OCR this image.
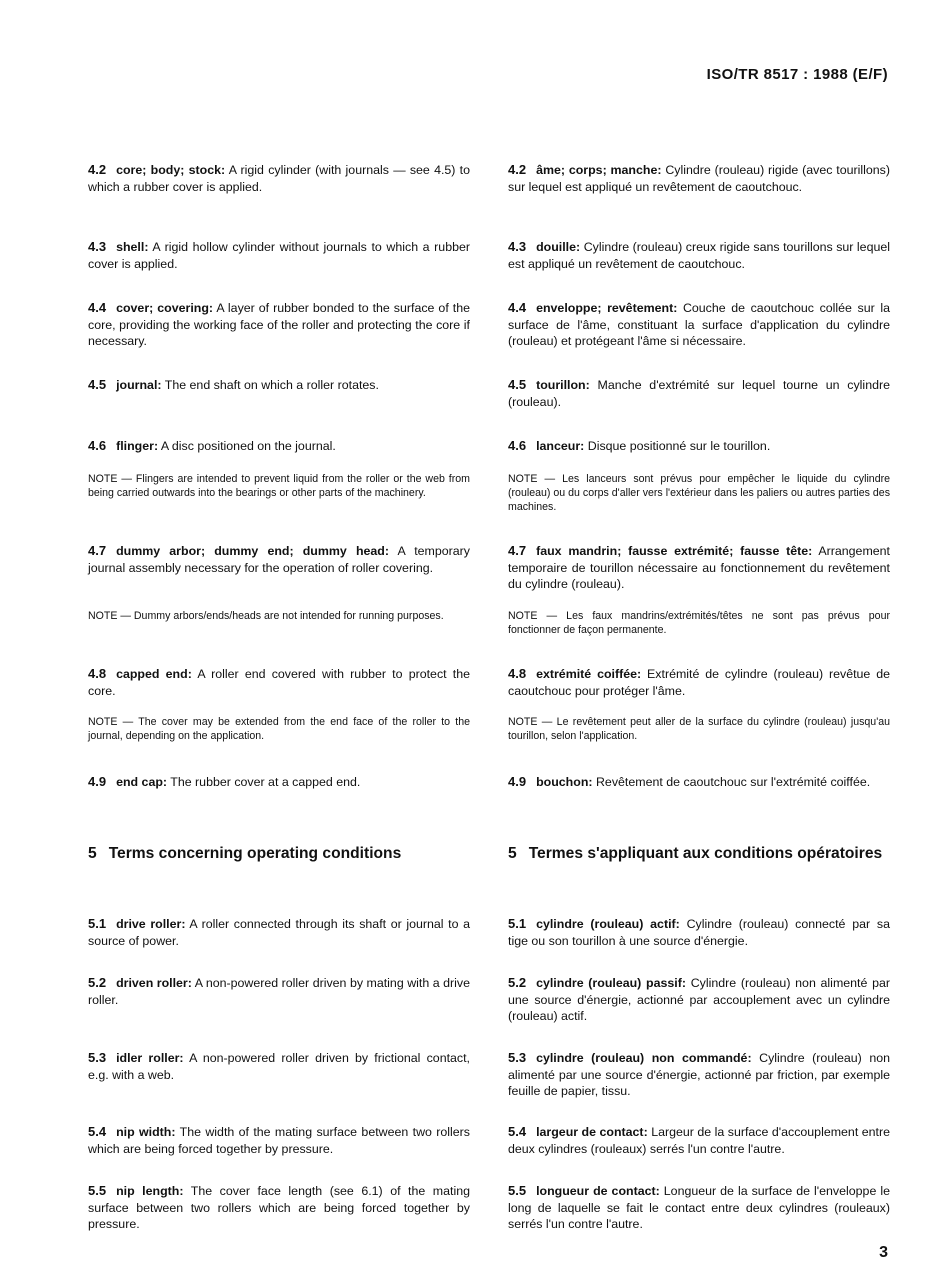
ISO/TR 8517 : 1988 (E/F)

4.2 core; body; stock: A rigid cylinder (with journals — see 4.5) to which a rubber cover is applied.

4.3 shell: A rigid hollow cylinder without journals to which a rubber cover is applied.

4.4 cover; covering: A layer of rubber bonded to the surface of the core, providing the working face of the roller and protecting the core if necessary.

4.5 journal: The end shaft on which a roller rotates.

4.6 flinger: A disc positioned on the journal.

NOTE — Flingers are intended to prevent liquid from the roller or the web from being carried outwards into the bearings or other parts of the machinery.

4.7 dummy arbor; dummy end; dummy head: A temporary journal assembly necessary for the operation of roller covering.

NOTE — Dummy arbors/ends/heads are not intended for running purposes.

4.8 capped end: A roller end covered with rubber to protect the core.

NOTE — The cover may be extended from the end face of the roller to the journal, depending on the application.

4.9 end cap: The rubber cover at a capped end.

5 Terms concerning operating conditions

5.1 drive roller: A roller connected through its shaft or journal to a source of power.

5.2 driven roller: A non-powered roller driven by mating with a drive roller.

5.3 idler roller: A non-powered roller driven by frictional contact, e.g. with a web.

5.4 nip width: The width of the mating surface between two rollers which are being forced together by pressure.

5.5 nip length: The cover face length (see 6.1) of the mating surface between two rollers which are being forced together by pressure.

4.2 âme; corps; manche: Cylindre (rouleau) rigide (avec tourillons) sur lequel est appliqué un revêtement de caoutchouc.

4.3 douille: Cylindre (rouleau) creux rigide sans tourillons sur lequel est appliqué un revêtement de caoutchouc.

4.4 enveloppe; revêtement: Couche de caoutchouc collée sur la surface de l'âme, constituant la surface d'application du cylindre (rouleau) et protégeant l'âme si nécessaire.

4.5 tourillon: Manche d'extrémité sur lequel tourne un cylindre (rouleau).

4.6 lanceur: Disque positionné sur le tourillon.

NOTE — Les lanceurs sont prévus pour empêcher le liquide du cylindre (rouleau) ou du corps d'aller vers l'extérieur dans les paliers ou autres parties des machines.

4.7 faux mandrin; fausse extrémité; fausse tête: Arrangement temporaire de tourillon nécessaire au fonctionnement du revêtement du cylindre (rouleau).

NOTE — Les faux mandrins/extrémités/têtes ne sont pas prévus pour fonctionner de façon permanente.

4.8 extrémité coiffée: Extrémité de cylindre (rouleau) revêtue de caoutchouc pour protéger l'âme.

NOTE — Le revêtement peut aller de la surface du cylindre (rouleau) jusqu'au tourillon, selon l'application.

4.9 bouchon: Revêtement de caoutchouc sur l'extrémité coiffée.

5 Termes s'appliquant aux conditions opératoires

5.1 cylindre (rouleau) actif: Cylindre (rouleau) connecté par sa tige ou son tourillon à une source d'énergie.

5.2 cylindre (rouleau) passif: Cylindre (rouleau) non alimenté par une source d'énergie, actionné par accouplement avec un cylindre (rouleau) actif.

5.3 cylindre (rouleau) non commandé: Cylindre (rouleau) non alimenté par une source d'énergie, actionné par friction, par exemple feuille de papier, tissu.

5.4 largeur de contact: Largeur de la surface d'accouplement entre deux cylindres (rouleaux) serrés l'un contre l'autre.

5.5 longueur de contact: Longueur de la surface de l'enveloppe le long de laquelle se fait le contact entre deux cylindres (rouleaux) serrés l'un contre l'autre.

3
